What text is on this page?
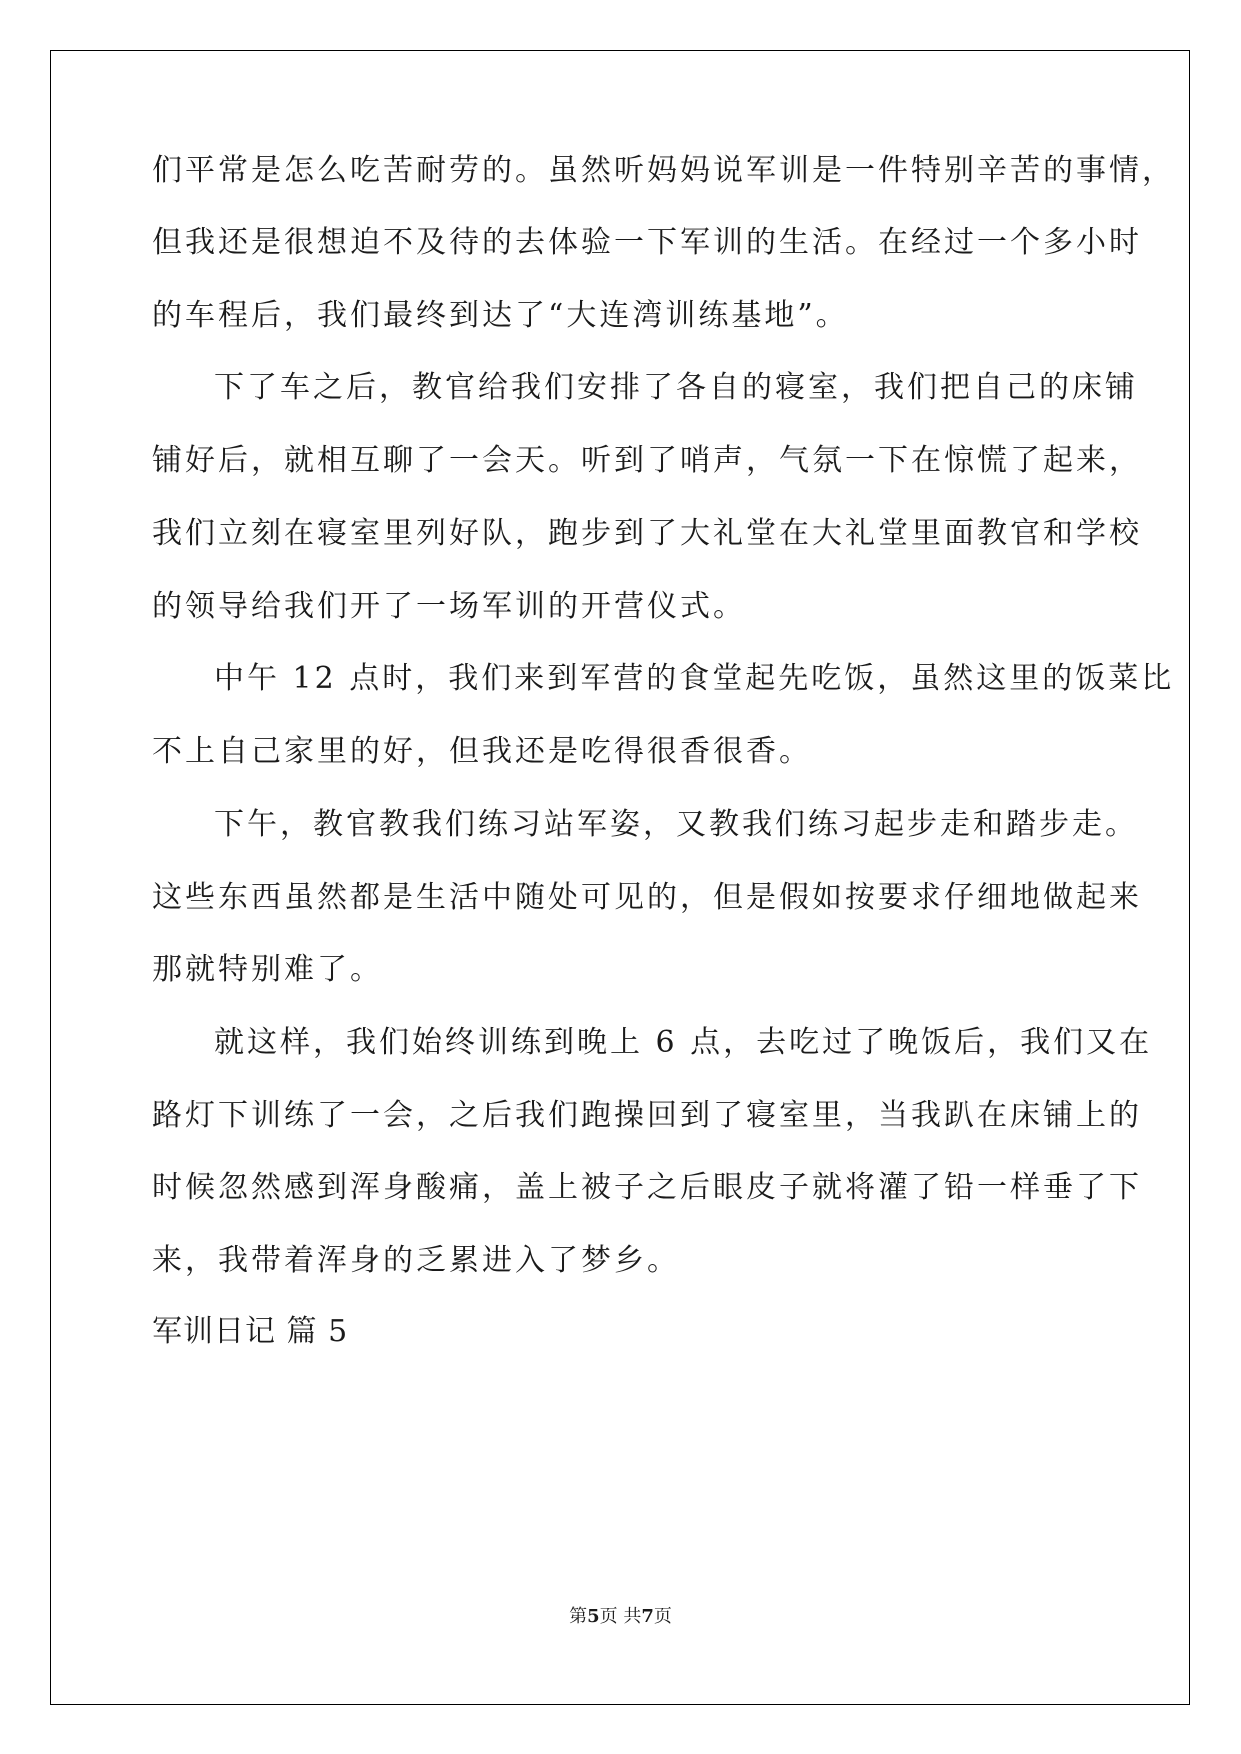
们平常是怎么吃苦耐劳的。虽然听妈妈说军训是一件特别辛苦的事情，
但我还是很想迫不及待的去体验一下军训的生活。在经过一个多小时
的车程后，我们最终到达了“大连湾训练基地”。
下了车之后，教官给我们安排了各自的寝室，我们把自己的床铺
铺好后，就相互聊了一会天。听到了哨声，气氛一下在惊慌了起来，
我们立刻在寝室里列好队，跑步到了大礼堂在大礼堂里面教官和学校
的领导给我们开了一场军训的开营仪式。
中午 12 点时，我们来到军营的食堂起先吃饭，虽然这里的饭菜比
不上自己家里的好，但我还是吃得很香很香。
下午，教官教我们练习站军姿，又教我们练习起步走和踏步走。
这些东西虽然都是生活中随处可见的，但是假如按要求仔细地做起来
那就特别难了。
就这样，我们始终训练到晚上 6 点，去吃过了晚饭后，我们又在
路灯下训练了一会，之后我们跑操回到了寝室里，当我趴在床铺上的
时候忽然感到浑身酸痛，盖上被子之后眼皮子就将灌了铅一样垂了下
来，我带着浑身的乏累进入了梦乡。
军训日记 篇 5
第5页 共7页
